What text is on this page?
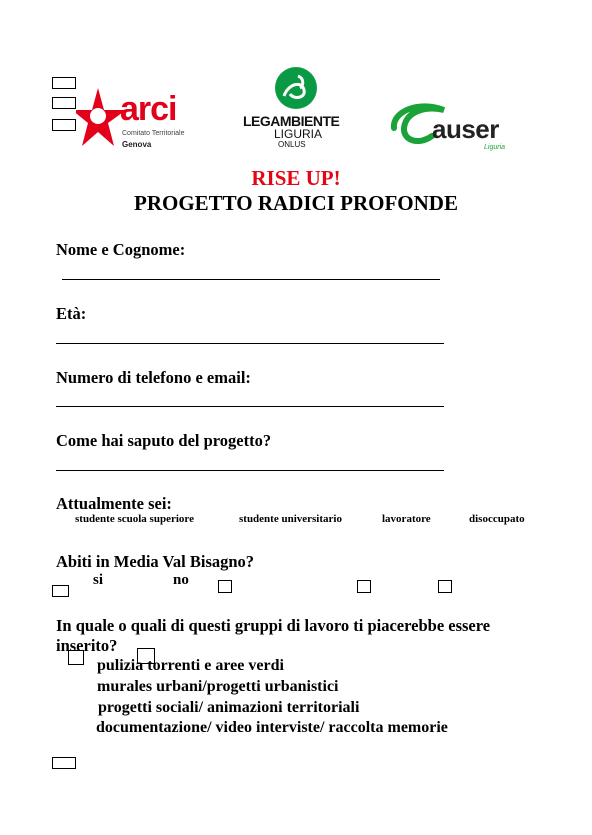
arci
Comitato Territoriale
Genova
LEGAMBIENTE
LIGURIA
ONLUS
auser
Liguria
RISE UP!
PROGETTO RADICI PROFONDE
Nome e Cognome:
Età:
Numero di telefono e email:
Come hai saputo del progetto?
Attualmente sei:
studente scuola superiore	studente universitario	lavoratore	disoccupato
Abiti in Media Val Bisagno?
si	no
In quale o quali di questi gruppi di lavoro ti piacerebbe essere
inserito?
pulizia torrenti e aree verdi
murales urbani/progetti urbanistici
progetti sociali/ animazioni territoriali
documentazione/ video interviste/ raccolta memorie
